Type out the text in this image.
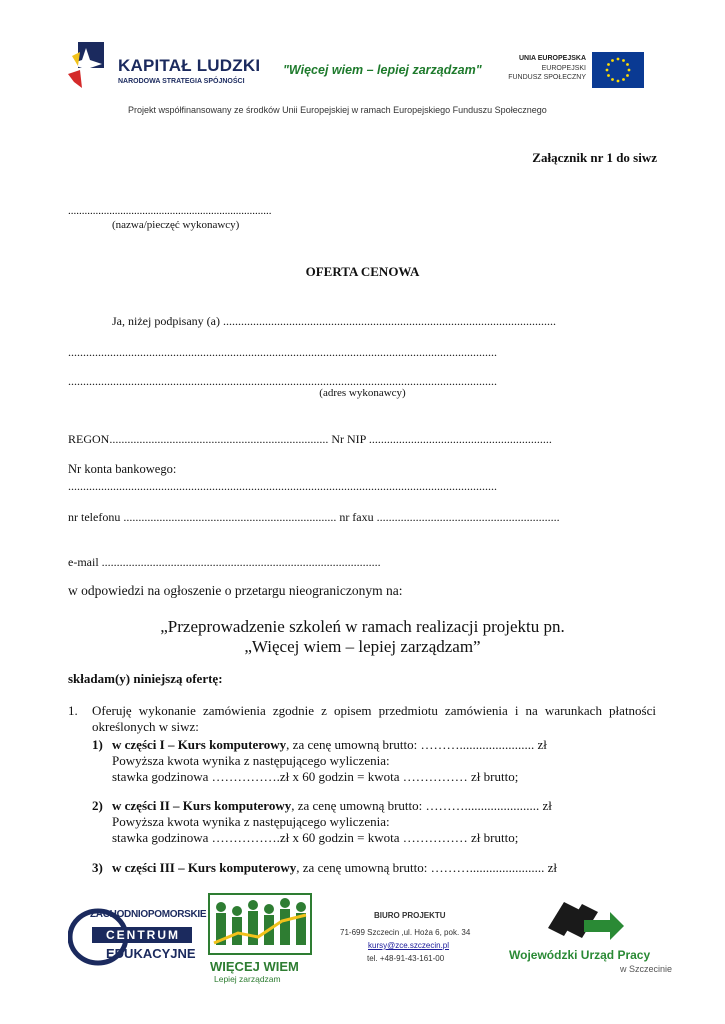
KAPITAŁ LUDZKI
NARODOWA STRATEGIA SPÓJNOŚCI
"Więcej wiem – lepiej zarządzam"
UNIA EUROPEJSKA
EUROPEJSKI
FUNDUSZ SPOŁECZNY
Projekt współfinansowany ze środków Unii Europejskiej w ramach Europejskiego Funduszu Społecznego
Załącznik nr 1 do siwz
..........................................................................
(nazwa/pieczęć wykonawcy)
OFERTA CENOWA
Ja, niżej podpisany (a) ...............................................................................................................
...............................................................................................................................................
...............................................................................................................................................
(adres wykonawcy)
REGON......................................................................... Nr NIP .............................................................
Nr konta bankowego:
...............................................................................................................................................
nr telefonu ....................................................................... nr faxu .............................................................
e-mail .............................................................................................
w odpowiedzi na ogłoszenie o przetargu nieograniczonym na:
„Przeprowadzenie szkoleń w ramach realizacji projektu pn.
„Więcej wiem – lepiej zarządzam”
składam(y) niniejszą ofertę:
1. Oferuję wykonanie zamówienia zgodnie z opisem przedmiotu zamówienia i na warunkach płatności określonych w siwz:
1) w części I – Kurs komputerowy, za cenę umowną brutto: ………....................... zł
Powyższa kwota wynika z następującego wyliczenia:
stawka godzinowa …………….zł x 60 godzin = kwota …………… zł brutto;
2) w części II – Kurs komputerowy, za cenę umowną brutto: ………....................... zł
Powyższa kwota wynika z następującego wyliczenia:
stawka godzinowa …………….zł x 60 godzin = kwota …………… zł brutto;
3) w części III – Kurs komputerowy, za cenę umowną brutto: ………....................... zł
ZACHODNIOPOMORSKIE
CENTRUM
EDUKACYJNE
WIĘCEJ WIEM
Lepiej zarządzam
BIURO PROJEKTU
71-699 Szczecin ,ul. Hoża 6, pok. 34
kursy@zce.szczecin.pl
tel. +48-91-43-161-00	Wojewódzki Urząd Pracy
w Szczecinie
